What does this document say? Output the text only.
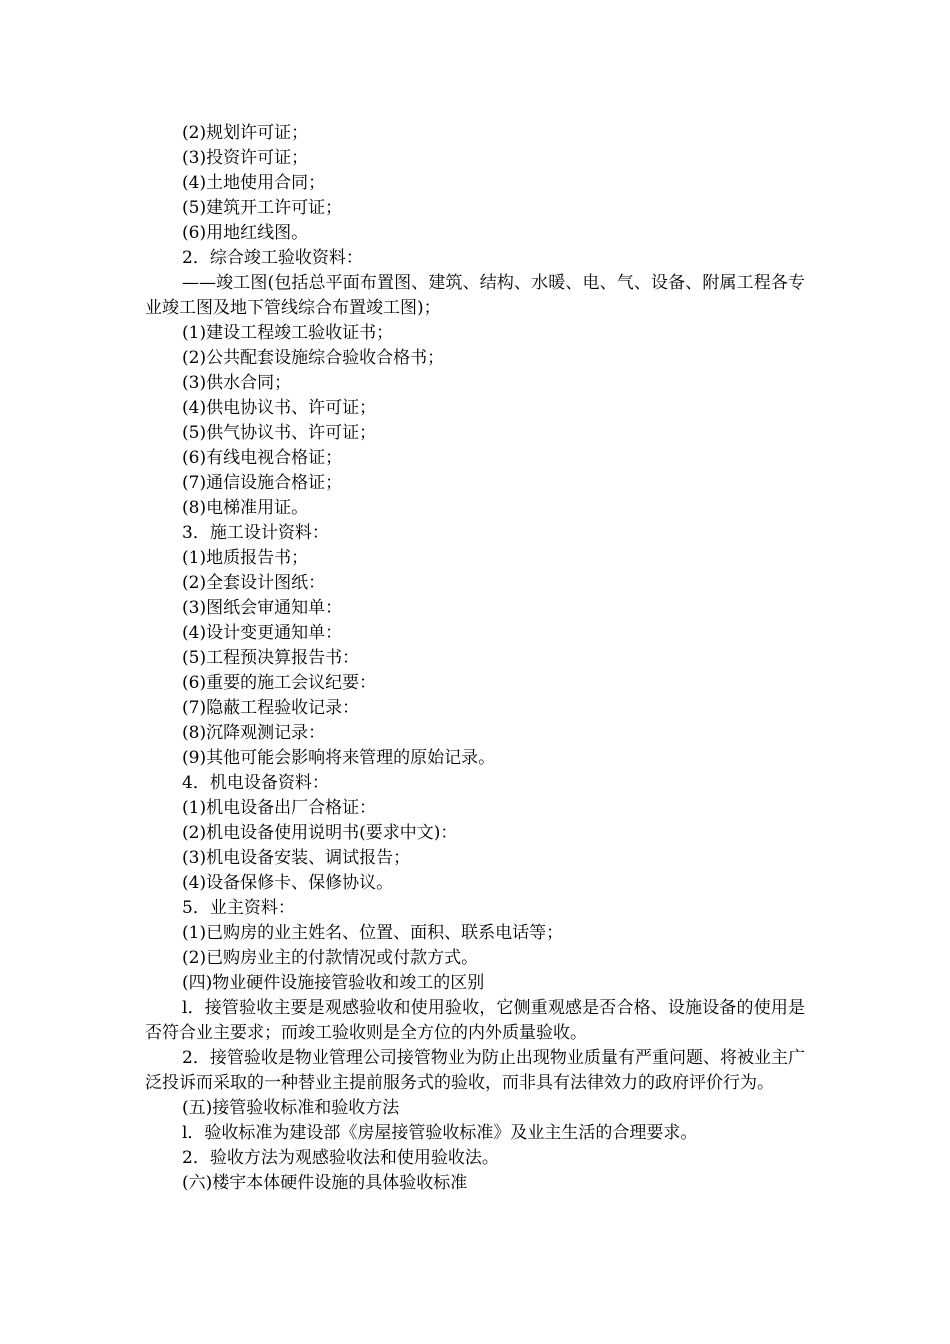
(2)规划许可证；

(3)投资许可证；

(4)土地使用合同；

(5)建筑开工许可证；

(6)用地红线图。

2．综合竣工验收资料：

——竣工图(包括总平面布置图、建筑、结构、水暖、电、气、设备、附属工程各专业竣工图及地下管线综合布置竣工图)；

(1)建设工程竣工验收证书；

(2)公共配套设施综合验收合格书；

(3)供水合同；

(4)供电协议书、许可证；

(5)供气协议书、许可证；

(6)有线电视合格证；

(7)通信设施合格证；

(8)电梯准用证。

3．施工设计资料：

(1)地质报告书；

(2)全套设计图纸：

(3)图纸会审通知单：

(4)设计变更通知单：

(5)工程预决算报告书：

(6)重要的施工会议纪要：

(7)隐蔽工程验收记录：

(8)沉降观测记录：

(9)其他可能会影响将来管理的原始记录。

4．机电设备资料：

(1)机电设备出厂合格证：

(2)机电设备使用说明书(要求中文)：

(3)机电设备安装、调试报告；

(4)设备保修卡、保修协议。

5．业主资料：

(1)已购房的业主姓名、位置、面积、联系电话等；

(2)已购房业主的付款情况或付款方式。

(四)物业硬件设施接管验收和竣工的区别

l．接管验收主要是观感验收和使用验收，它侧重观感是否合格、设施设备的使用是否符合业主要求；而竣工验收则是全方位的内外质量验收。

2．接管验收是物业管理公司接管物业为防止出现物业质量有严重问题、将被业主广泛投诉而采取的一种替业主提前服务式的验收，而非具有法律效力的政府评价行为。

(五)接管验收标准和验收方法

l．验收标准为建设部《房屋接管验收标准》及业主生活的合理要求。

2．验收方法为观感验收法和使用验收法。

(六)楼宇本体硬件设施的具体验收标准
